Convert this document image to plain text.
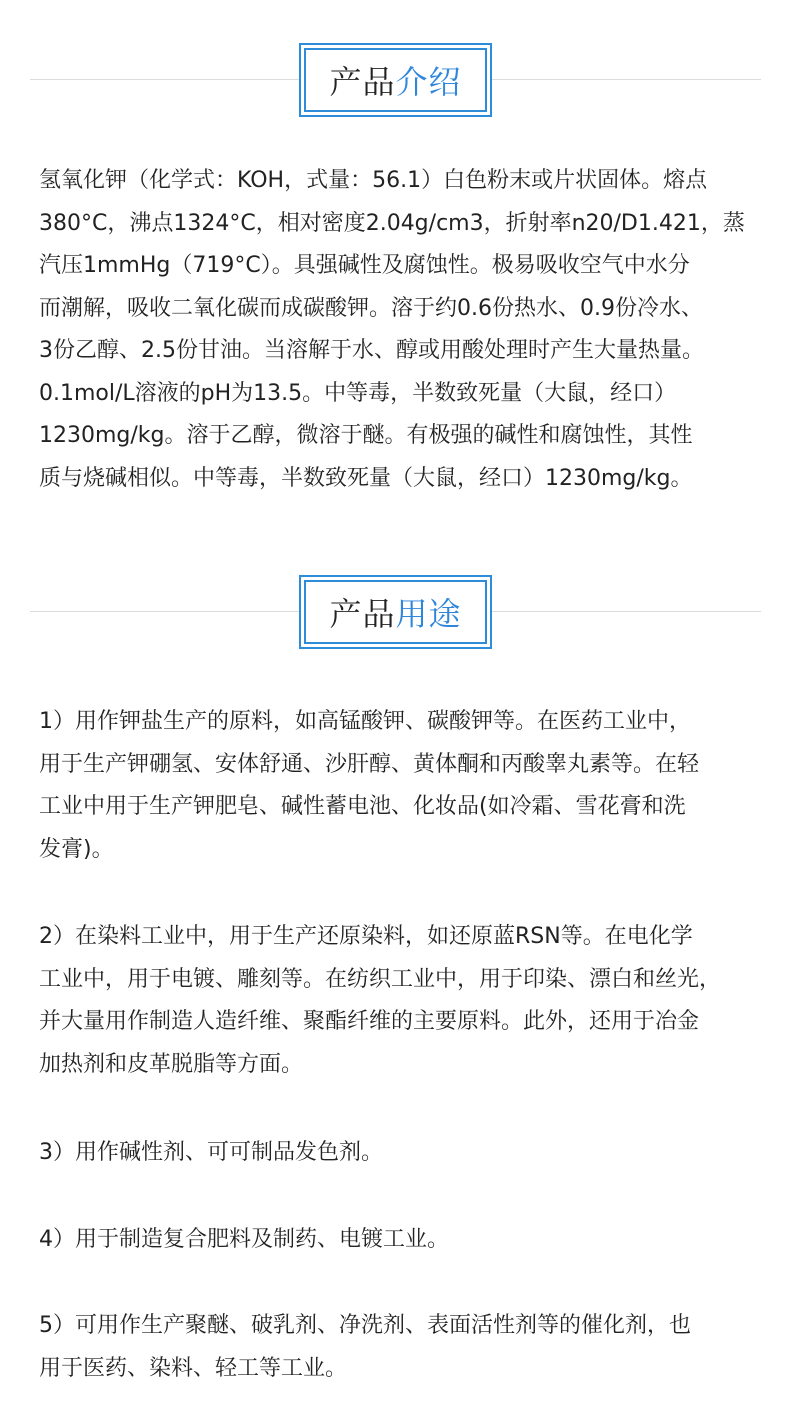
产品 介绍
氢氧化钾（化学式：KOH，式量：56.1）白色粉末或片状固体。熔点
380°C，沸点1324°C，相对密度2.04g/cm3，折射率n20/D1.421，蒸
汽压1mmHg（719°C）。具强碱性及腐蚀性。极易吸收空气中水分
而潮解，吸收二氧化碳而成碳酸钾。溶于约0.6份热水、0.9份冷水、
3份乙醇、2.5份甘油。当溶解于水、醇或用酸处理时产生大量热量。
0.1mol/L溶液的pH为13.5。中等毒，半数致死量（大鼠，经口）
1230mg/kg。溶于乙醇，微溶于醚。有极强的碱性和腐蚀性，其性
质与烧碱相似。中等毒，半数致死量（大鼠，经口）1230mg/kg。
产品 用途
1）用作钾盐生产的原料，如高锰酸钾、碳酸钾等。在医药工业中，
用于生产钾硼氢、安体舒通、沙肝醇、黄体酮和丙酸睾丸素等。在轻
工业中用于生产钾肥皂、碱性蓄电池、化妆品(如冷霜、雪花膏和洗
发膏)。
2）在染料工业中，用于生产还原染料，如还原蓝RSN等。在电化学
工业中，用于电镀、雕刻等。在纺织工业中，用于印染、漂白和丝光，
并大量用作制造人造纤维、聚酯纤维的主要原料。此外，还用于冶金
加热剂和皮革脱脂等方面。
3）用作碱性剂、可可制品发色剂。
4）用于制造复合肥料及制药、电镀工业。
5）可用作生产聚醚、破乳剂、净洗剂、表面活性剂等的催化剂，也
用于医药、染料、轻工等工业。
